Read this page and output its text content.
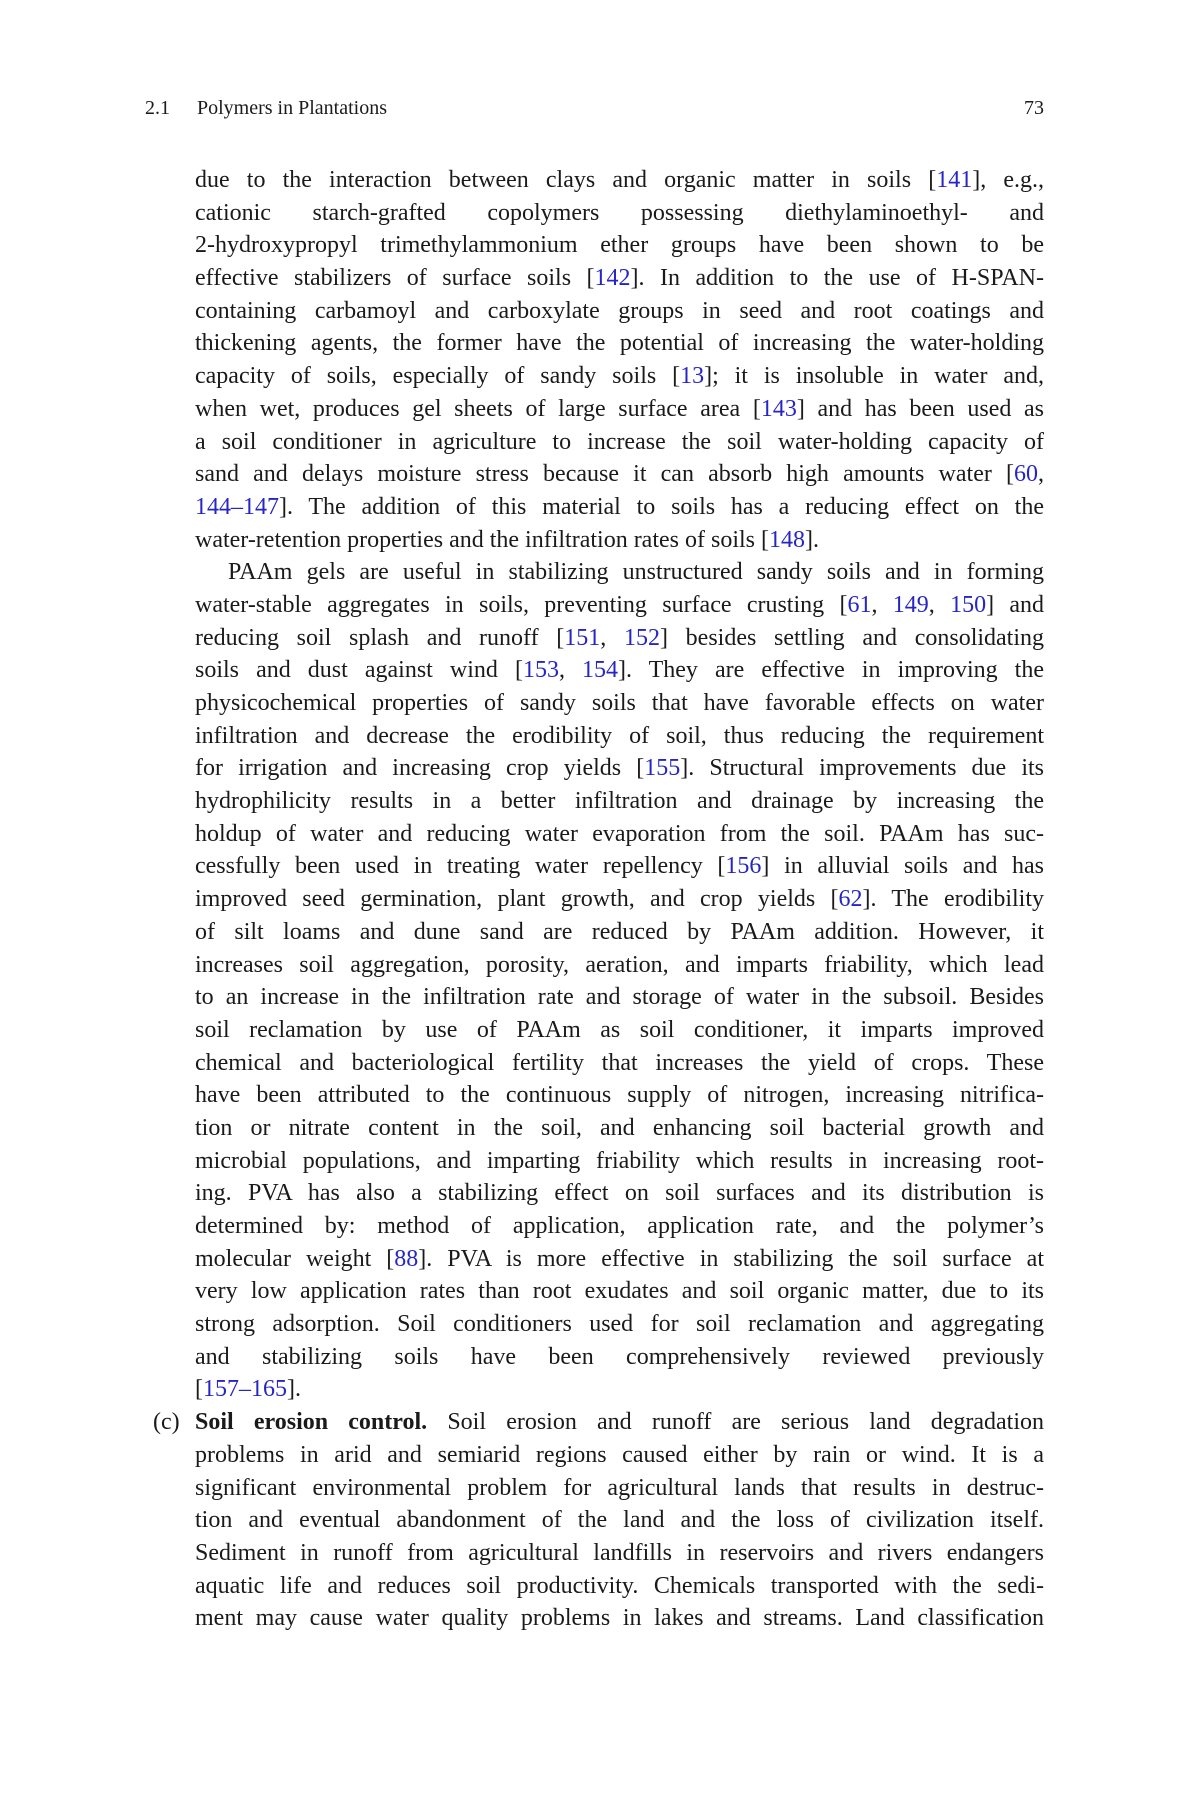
2.1 Polymers in Plantations	73
due to the interaction between clays and organic matter in soils [141], e.g.,
cationic starch-grafted copolymers possessing diethylaminoethyl- and
2-hydroxypropyl trimethylammonium ether groups have been shown to be
effective stabilizers of surface soils [142]. In addition to the use of H-SPAN-
containing carbamoyl and carboxylate groups in seed and root coatings and
thickening agents, the former have the potential of increasing the water-holding
capacity of soils, especially of sandy soils [13]; it is insoluble in water and,
when wet, produces gel sheets of large surface area [143] and has been used as
a soil conditioner in agriculture to increase the soil water-holding capacity of
sand and delays moisture stress because it can absorb high amounts water [60,
144–147]. The addition of this material to soils has a reducing effect on the
water-retention properties and the infiltration rates of soils [148].
PAAm gels are useful in stabilizing unstructured sandy soils and in forming
water-stable aggregates in soils, preventing surface crusting [61, 149, 150] and
reducing soil splash and runoff [151, 152] besides settling and consolidating
soils and dust against wind [153, 154]. They are effective in improving the
physicochemical properties of sandy soils that have favorable effects on water
infiltration and decrease the erodibility of soil, thus reducing the requirement
for irrigation and increasing crop yields [155]. Structural improvements due its
hydrophilicity results in a better infiltration and drainage by increasing the
holdup of water and reducing water evaporation from the soil. PAAm has suc-
cessfully been used in treating water repellency [156] in alluvial soils and has
improved seed germination, plant growth, and crop yields [62]. The erodibility
of silt loams and dune sand are reduced by PAAm addition. However, it
increases soil aggregation, porosity, aeration, and imparts friability, which lead
to an increase in the infiltration rate and storage of water in the subsoil. Besides
soil reclamation by use of PAAm as soil conditioner, it imparts improved
chemical and bacteriological fertility that increases the yield of crops. These
have been attributed to the continuous supply of nitrogen, increasing nitrifica-
tion or nitrate content in the soil, and enhancing soil bacterial growth and
microbial populations, and imparting friability which results in increasing root-
ing. PVA has also a stabilizing effect on soil surfaces and its distribution is
determined by: method of application, application rate, and the polymer’s
molecular weight [88]. PVA is more effective in stabilizing the soil surface at
very low application rates than root exudates and soil organic matter, due to its
strong adsorption. Soil conditioners used for soil reclamation and aggregating
and stabilizing soils have been comprehensively reviewed previously
[157–165].
(c) Soil erosion control. Soil erosion and runoff are serious land degradation
problems in arid and semiarid regions caused either by rain or wind. It is a
significant environmental problem for agricultural lands that results in destruc-
tion and eventual abandonment of the land and the loss of civilization itself.
Sediment in runoff from agricultural landfills in reservoirs and rivers endangers
aquatic life and reduces soil productivity. Chemicals transported with the sedi-
ment may cause water quality problems in lakes and streams. Land classification
